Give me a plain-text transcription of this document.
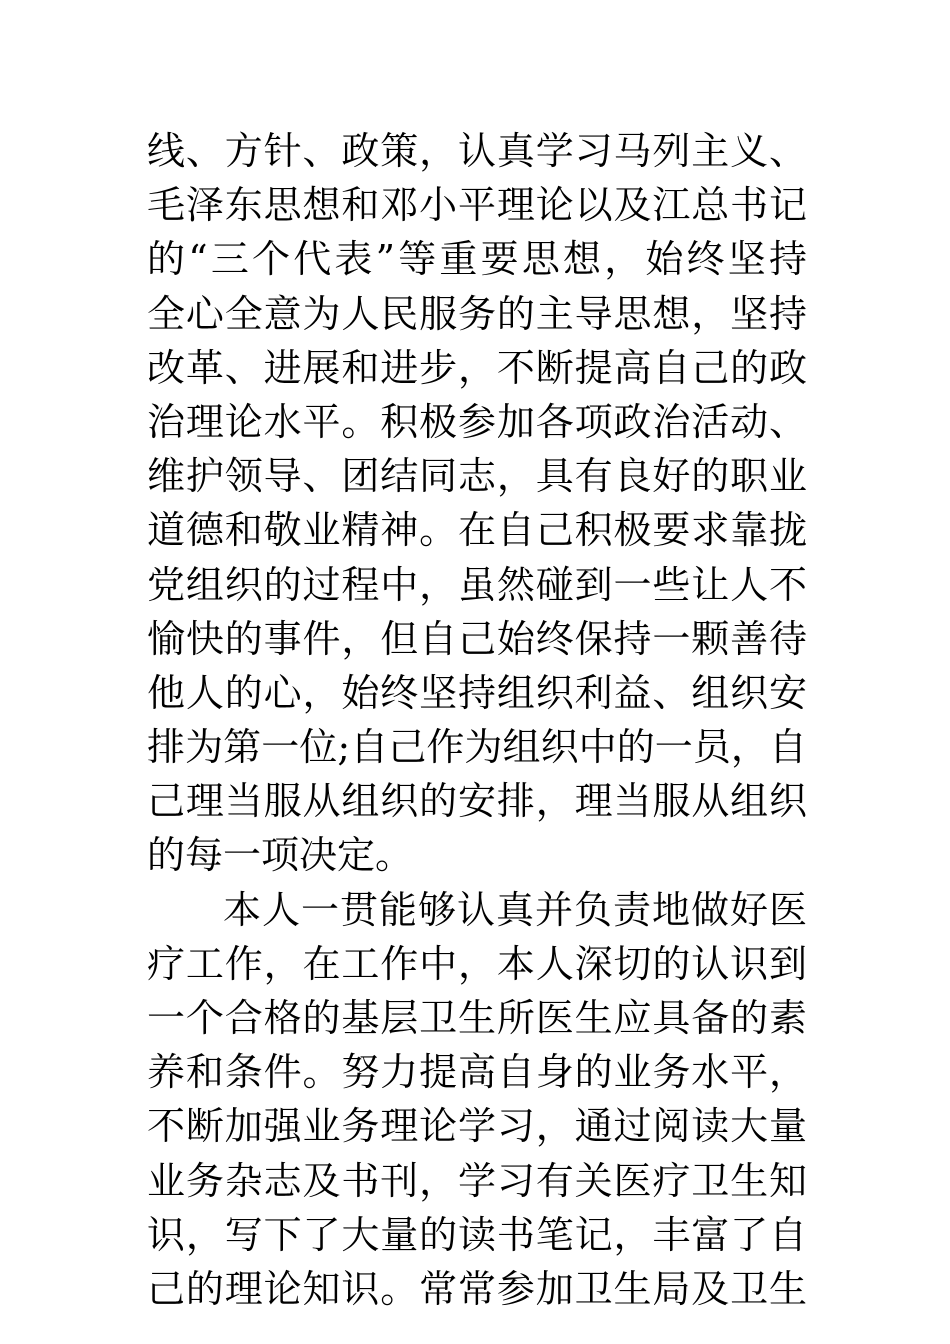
线、方针、政策，认真学习马列主义、
毛泽东思想和邓小平理论以及江总书记
的“三个代表”等重要思想，始终坚持
全心全意为人民服务的主导思想，坚持
改革、进展和进步，不断提高自己的政
治理论水平。积极参加各项政治活动、
维护领导、团结同志，具有良好的职业
道德和敬业精神。在自己积极要求靠拢
党组织的过程中，虽然碰到一些让人不
愉快的事件，但自己始终保持一颗善待
他人的心，始终坚持组织利益、组织安
排为第一位;自己作为组织中的一员，自
己理当服从组织的安排，理当服从组织
的每一项决定。
本人一贯能够认真并负责地做好医
疗工作，在工作中，本人深切的认识到
一个合格的基层卫生所医生应具备的素
养和条件。努力提高自身的业务水平，
不断加强业务理论学习，通过阅读大量
业务杂志及书刊，学习有关医疗卫生知
识，写下了大量的读书笔记，丰富了自
己的理论知识。常常参加卫生局及卫生
